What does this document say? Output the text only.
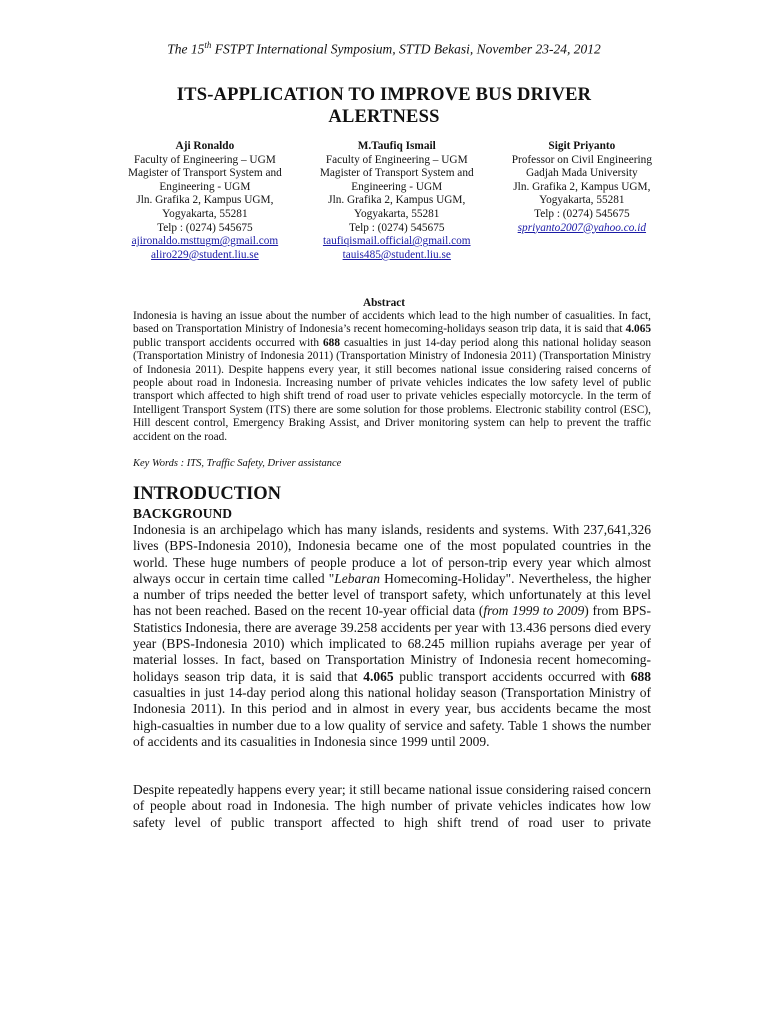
The 15th FSTPT International Symposium, STTD Bekasi, November 23-24, 2012
ITS-APPLICATION TO IMPROVE BUS DRIVER
ALERTNESS
Aji Ronaldo
Faculty of Engineering – UGM
Magister of Transport System and
Engineering - UGM
Jln. Grafika 2, Kampus UGM,
Yogyakarta, 55281
Telp : (0274) 545675
ajironaldo.msttugm@gmail.com
aliro229@student.liu.se
M.Taufiq Ismail
Faculty of Engineering – UGM
Magister of Transport System and
Engineering - UGM
Jln. Grafika 2, Kampus UGM,
Yogyakarta, 55281
Telp : (0274) 545675
taufiqismail.official@gmail.com
tauis485@student.liu.se
Sigit Priyanto
Professor on Civil Engineering
Gadjah Mada University
Jln. Grafika 2, Kampus UGM,
Yogyakarta, 55281
Telp : (0274) 545675
spriyanto2007@yahoo.co.id
Abstract
Indonesia is having an issue about the number of accidents which lead to the high number of casualities. In fact, based on Transportation Ministry of Indonesia’s recent homecoming-holidays season trip data, it is said that 4.065 public transport accidents occurred with 688 casualties in just 14-day period along this national holiday season (Transportation Ministry of Indonesia 2011) (Transportation Ministry of Indonesia 2011) (Transportation Ministry of Indonesia 2011). Despite happens every year, it still becomes national issue considering raised concerns of people about road in Indonesia. Increasing number of private vehicles indicates the low safety level of public transport which affected to high shift trend of road user to private vehicles especially motorcycle. In the term of Intelligent Transport System (ITS) there are some solution for those problems. Electronic stability control (ESC), Hill descent control, Emergency Braking Assist, and Driver monitoring system can help to prevent the traffic accident on the road.
Key Words : ITS, Traffic Safety, Driver assistance
INTRODUCTION
BACKGROUND
Indonesia is an archipelago which has many islands, residents and systems. With 237,641,326 lives (BPS-Indonesia 2010), Indonesia became one of the most populated countries in the world. These huge numbers of people produce a lot of person-trip every year which almost always occur in certain time called "Lebaran Homecoming-Holiday". Nevertheless, the higher a number of trips needed the better level of transport safety, which unfortunately at this level has not been reached. Based on the recent 10-year official data (from 1999 to 2009) from BPS-Statistics Indonesia, there are average 39.258 accidents per year with 13.436 persons died every year (BPS-Indonesia 2010) which implicated to 68.245 million rupiahs average per year of material losses. In fact, based on Transportation Ministry of Indonesia recent homecoming-holidays season trip data, it is said that 4.065 public transport accidents occurred with 688 casualties in just 14-day period along this national holiday season (Transportation Ministry of Indonesia 2011). In this period and in almost in every year, bus accidents became the most high-casualties in number due to a low quality of service and safety. Table 1 shows the number of accidents and its casualities in Indonesia since 1999 until 2009.
Despite repeatedly happens every year; it still became national issue considering raised concern of people about road in Indonesia. The high number of private vehicles indicates how low safety level of public transport affected to high shift trend of road user to private
